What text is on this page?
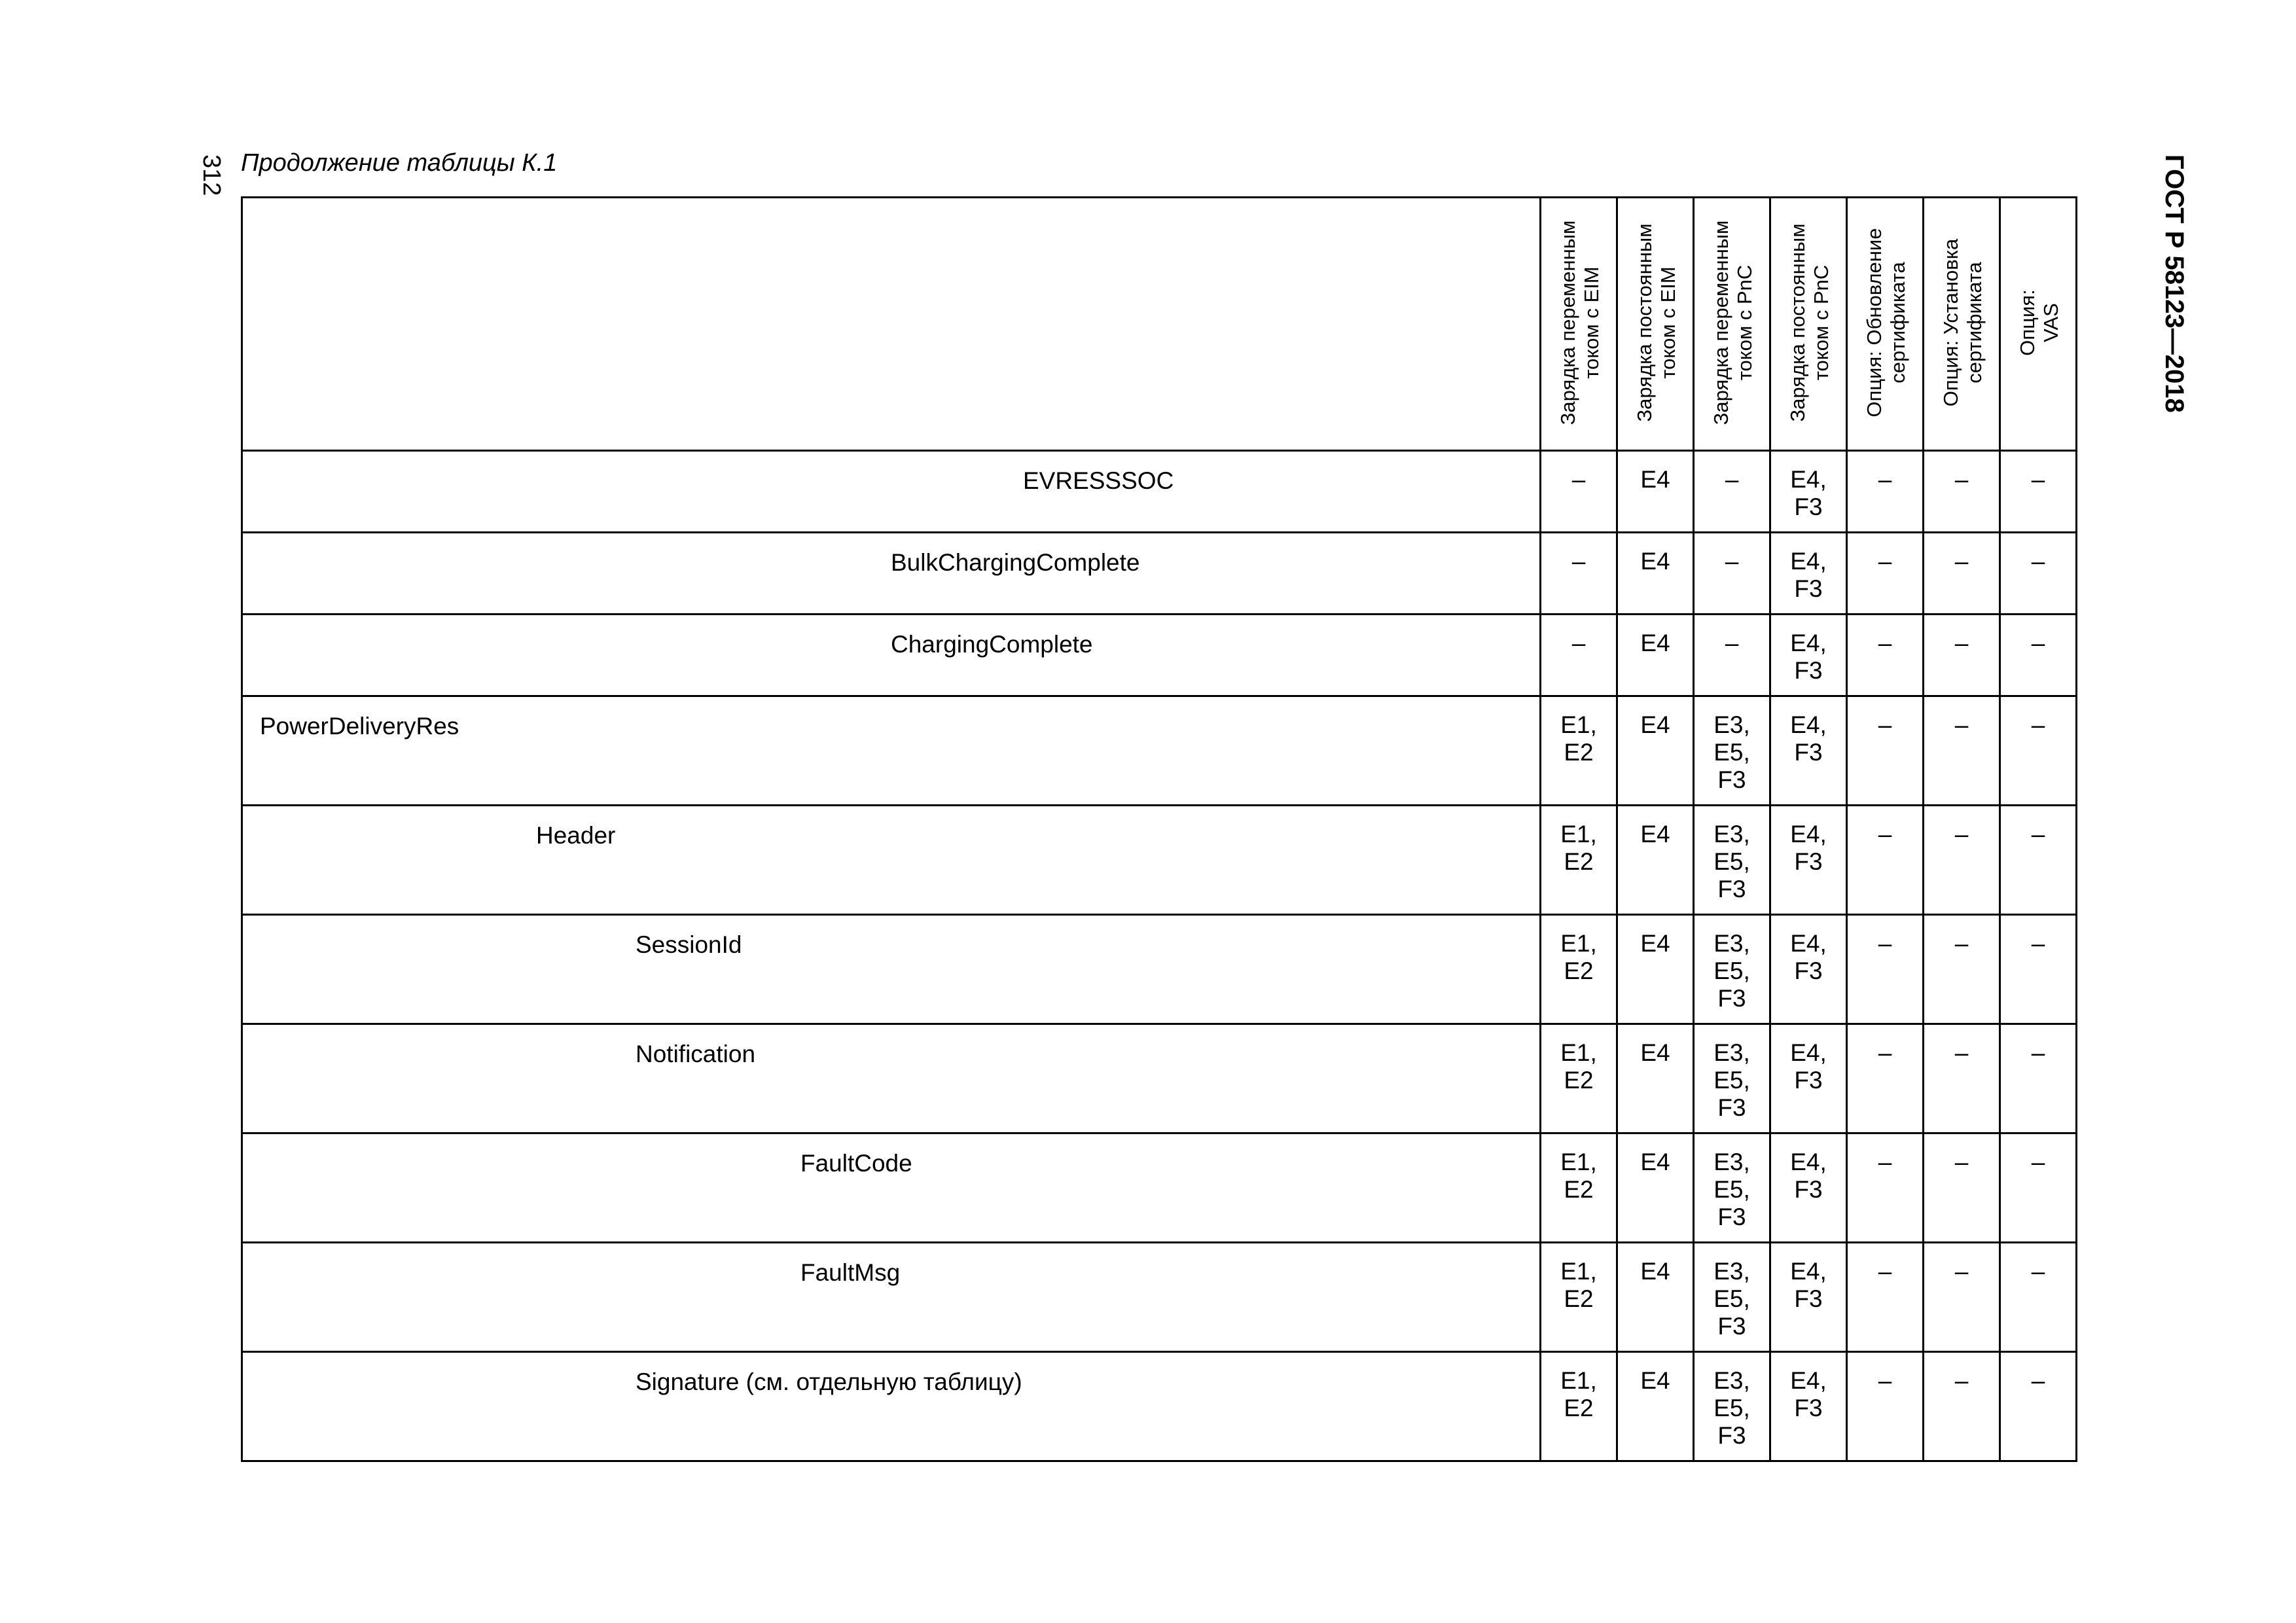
312 Продолжение таблицы К.1	ГОСТ Р 58123—2018

	Зарядка переменным током с EIM	Зарядка постоянным током с EIM	Зарядка переменным током с PnC	Зарядка постоянным током с PnC	Опция: Обновление сертификата	Опция: Установка сертификата	Опция: VAS

EVRESSSOC	–	E4	–	E4,
F3	–	–	–

BulkChargingComplete	–	E4	–	E4,
F3	–	–	–

ChargingComplete	–	E4	–	E4,
F3	–	–	–

PowerDeliveryRes	E1,
E2	E4	E3,
E5,
F3	E4,
F3	–	–	–

Header	E1,
E2	E4	E3,
E5,
F3	E4,
F3	–	–	–

SessionId	E1,
E2	E4	E3,
E5,
F3	E4,
F3	–	–	–

Notification	E1,
E2	E4	E3,
E5,
F3	E4,
F3	–	–	–

FaultCode	E1,
E2	E4	E3,
E5,
F3	E4,
F3	–	–	–

FaultMsg	E1,
E2	E4	E3,
E5,
F3	E4,
F3	–	–	–

Signature (см. отдельную таблицу)	E1,
E2	E4	E3,
E5,
F3	E4,
F3	–	–	–
